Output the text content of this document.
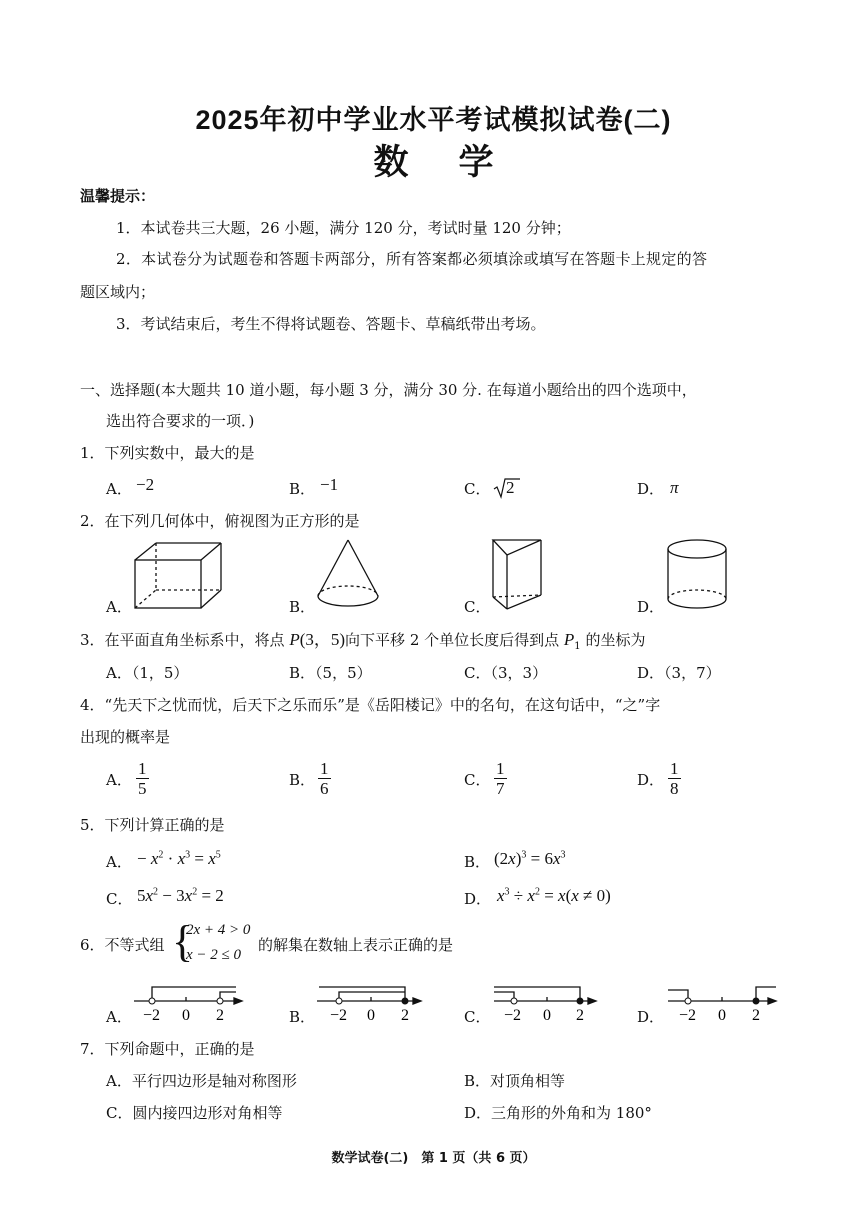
2025年初中学业水平考试模拟试卷(二)
数学
温馨提示：
1．本试卷共三大题，26 小题，满分 120 分，考试时量 120 分钟；
2．本试卷分为试题卷和答题卡两部分，所有答案都必须填涂或填写在答题卡上规定的答
题区域内；
3．考试结束后，考生不得将试题卷、答题卡、草稿纸带出考场。
一、选择题(本大题共 10 道小题，每小题 3 分，满分 30 分. 在每道小题给出的四个选项中，
选出符合要求的一项．)
1．下列实数中，最大的是
A． −2	B． −1	C． 2	D． π
2．在下列几何体中，俯视图为正方形的是
A．	B．	C．	D．
3．在平面直角坐标系中，将点 P(3，5)向下平移 2 个单位长度后得到点 $P_1$ 的坐标为
A．（1，5）	B．（5，5）	C．（3，3）	D．（3，7）
4．“先天下之忧而忧，后天下之乐而乐”是《岳阳楼记》中的名句，在这句话中，“之”字
出现的概率是
A． $\frac{1}{5}$	B． $\frac{1}{6}$	C． $\frac{1}{7}$	D． $\frac{1}{8}$
5．下列计算正确的是
A． − $x^2 \cdot x^3 = x^5$	B． $(2x)^3 = 6x^3$
C． $5x^2 - 3x^2 = 2$	D． $x^3 \div x^2 = x(x \ne 0)$
6．不等式组 {
2x + 4 > 0
x − 2 ≤ 0
的解集在数轴上表示正确的是
A． −2 0 2	B． −2 0 2	C． −2 0 2	D． −2 0 2
7．下列命题中，正确的是
A．平行四边形是轴对称图形	B．对顶角相等
C．圆内接四边形对角相等	D．三角形的外角和为 180°
数学试卷(二)　第 1 页（共 6 页）
